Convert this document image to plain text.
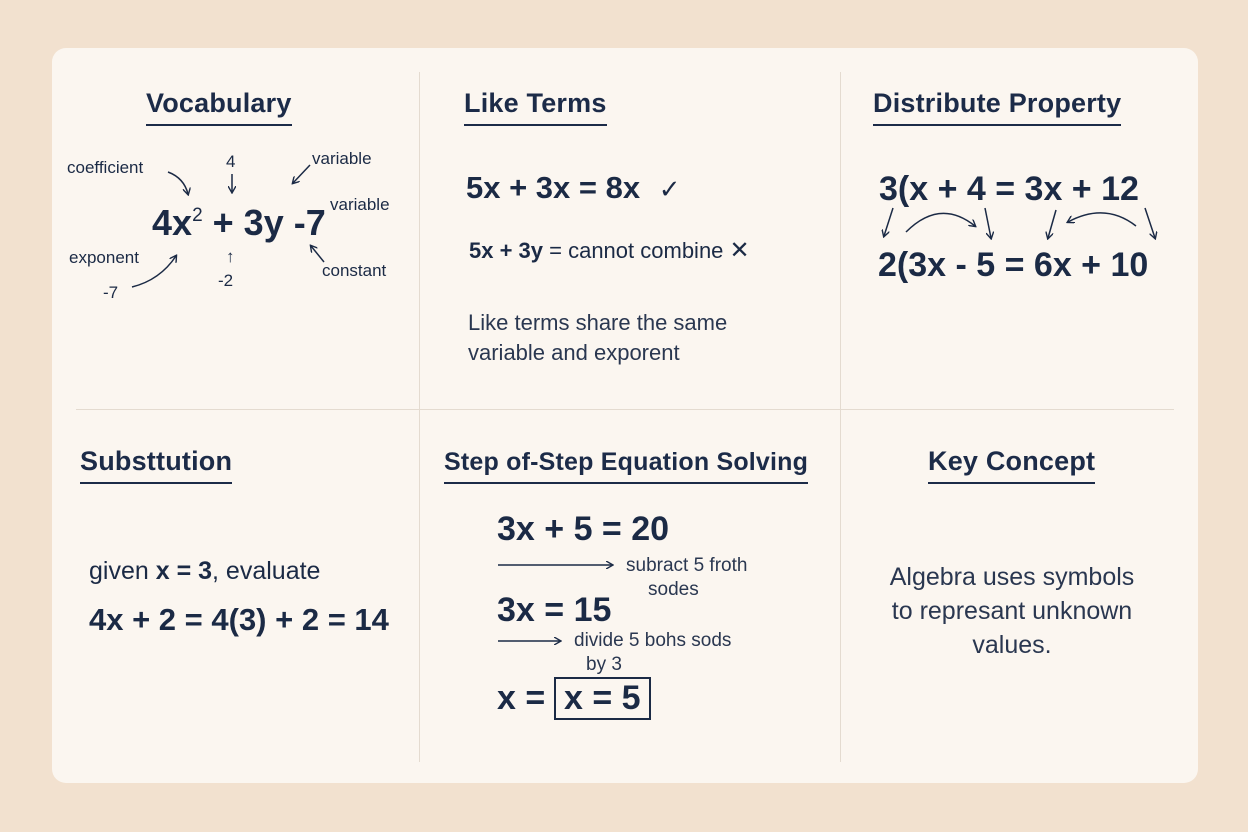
Vocabulary
coefficient	4	variable
variable
$4x^2 + 3y$ -7
exponent
-7
↑
-2
constant
Like Terms
5x + 3x = 8x ✓
5x + 3y = cannot combine ✕
Like terms share the same
variable and exporent
Distribute Property
3(x + 4 = 3x + 12
2(3x - 5 = 6x + 10
Substtution
given x = 3, evaluate
4x + 2 = 4(3) + 2 = 14
Step of-Step Equation Solving
3x + 5 = 20
subract 5 froth
sodes
3x = 15
divide 5 bohs sods
by 3
x = x = 5
Key Concept
Algebra uses symbols
to represant unknown
values.
